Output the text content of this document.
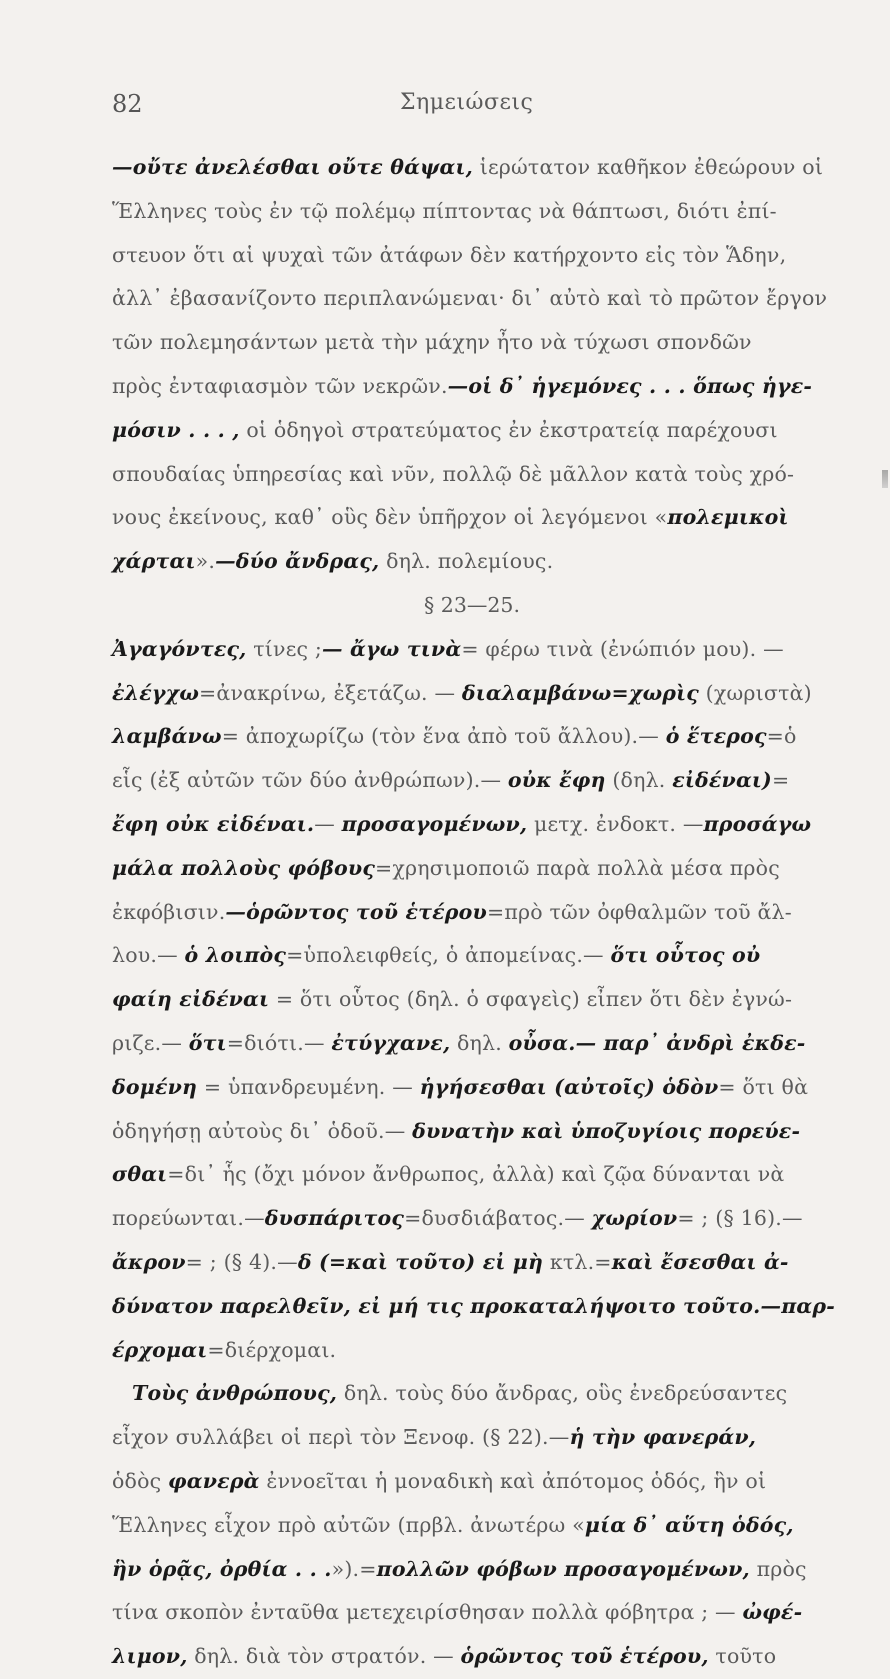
82	Σημειώσεις
—οὔτε ἀνελέσθαι οὔτε θάψαι, ἱερώτατον καθῆκον ἐθεώρουν οἱ
Ἕλληνες τοὺς ἐν τῷ πολέμῳ πίπτοντας νὰ θάπτωσι, διότι ἐπί-
στευον ὅτι αἱ ψυχαὶ τῶν ἀτάφων δὲν κατήρχοντο εἰς τὸν Ἅδην,
ἀλλ᾽ ἐβασανίζοντο περιπλανώμεναι· δι᾽ αὐτὸ καὶ τὸ πρῶτον ἔργον
τῶν πολεμησάντων μετὰ τὴν μάχην ἦτο νὰ τύχωσι σπονδῶν
πρὸς ἐνταφιασμὸν τῶν νεκρῶν.—οἱ δ᾽ ἡγεμόνες . . . ὅπως ἡγε-
μόσιν . . . , οἱ ὁδηγοὶ στρατεύματος ἐν ἐκστρατείᾳ παρέχουσι
σπουδαίας ὑπηρεσίας καὶ νῦν, πολλῷ δὲ μᾶλλον κατὰ τοὺς χρό-
νους ἐκείνους, καθ᾽ οὓς δὲν ὑπῆρχον οἱ λεγόμενοι «πολεμικοὶ
χάρται».—δύο ἄνδρας, δηλ. πολεμίους.
§ 23—25.
Ἀγαγόντες, τίνες ;— ἄγω τινὰ= φέρω τινὰ (ἐνώπιόν μου). —
ἐλέγχω=ἀνακρίνω, ἐξετάζω. — διαλαμβάνω=χωρὶς (χωριστὰ)
λαμβάνω= ἀποχωρίζω (τὸν ἕνα ἀπὸ τοῦ ἄλλου).— ὁ ἕτερος=ὁ
εἷς (ἐξ αὐτῶν τῶν δύο ἀνθρώπων).— οὐκ ἔφη (δηλ. εἰδέναι)=
ἔφη οὐκ εἰδέναι.— προσαγομένων, μετχ. ἐνδοκτ. —προσάγω
μάλα πολλοὺς φόβους=χρησιμοποιῶ παρὰ πολλὰ μέσα πρὸς
ἐκφόβισιν.—ὁρῶντος τοῦ ἑτέρου=πρὸ τῶν ὀφθαλμῶν τοῦ ἄλ-
λου.— ὁ λοιπὸς=ὑπολειφθείς, ὁ ἀπομείνας.— ὅτι οὗτος οὐ
φαίη εἰδέναι = ὅτι οὗτος (δηλ. ὁ σφαγεὶς) εἶπεν ὅτι δὲν ἐγνώ-
ριζε.— ὅτι=διότι.— ἐτύγχανε, δηλ. οὖσα.— παρ᾽ ἀνδρὶ ἐκδε-
δομένη = ὑπανδρευμένη. — ἡγήσεσθαι (αὐτοῖς) ὁδὸν= ὅτι θὰ
ὁδηγήσῃ αὐτοὺς δι᾽ ὁδοῦ.— δυνατὴν καὶ ὑποζυγίοις πορεύε-
σθαι=δι᾽ ἧς (ὄχι μόνον ἄνθρωπος, ἀλλὰ) καὶ ζῷα δύνανται νὰ
πορεύωνται.—δυσπάριτος=δυσδιάβατος.— χωρίον= ; (§ 16).—
ἄκρον= ; (§ 4).—δ (=καὶ τοῦτο) εἰ μὴ κτλ.=καὶ ἔσεσθαι ἀ-
δύνατον παρελθεῖν, εἰ μή τις προκαταλήψοιτο τοῦτο.—παρ-
έρχομαι=διέρχομαι.
Τοὺς ἀνθρώπους, δηλ. τοὺς δύο ἄνδρας, οὓς ἐνεδρεύσαντες
εἶχον συλλάβει οἱ περὶ τὸν Ξενοφ. (§ 22).—ἡ τὴν φανεράν,
ὁδὸς φανερὰ ἐννοεῖται ἡ μοναδικὴ καὶ ἀπότομος ὁδός, ἣν οἱ
Ἕλληνες εἶχον πρὸ αὐτῶν (πρβλ. ἀνωτέρω «μία δ᾽ αὕτη ὁδός,
ἣν ὁρᾷς, ὀρθία . . .»).=πολλῶν φόβων προσαγομένων, πρὸς
τίνα σκοπὸν ἐνταῦθα μετεχειρίσθησαν πολλὰ φόβητρα ; — ὠφέ-
λιμον, δηλ. διὰ τὸν στρατόν. — ὁρῶντος τοῦ ἑτέρου, τοῦτο
